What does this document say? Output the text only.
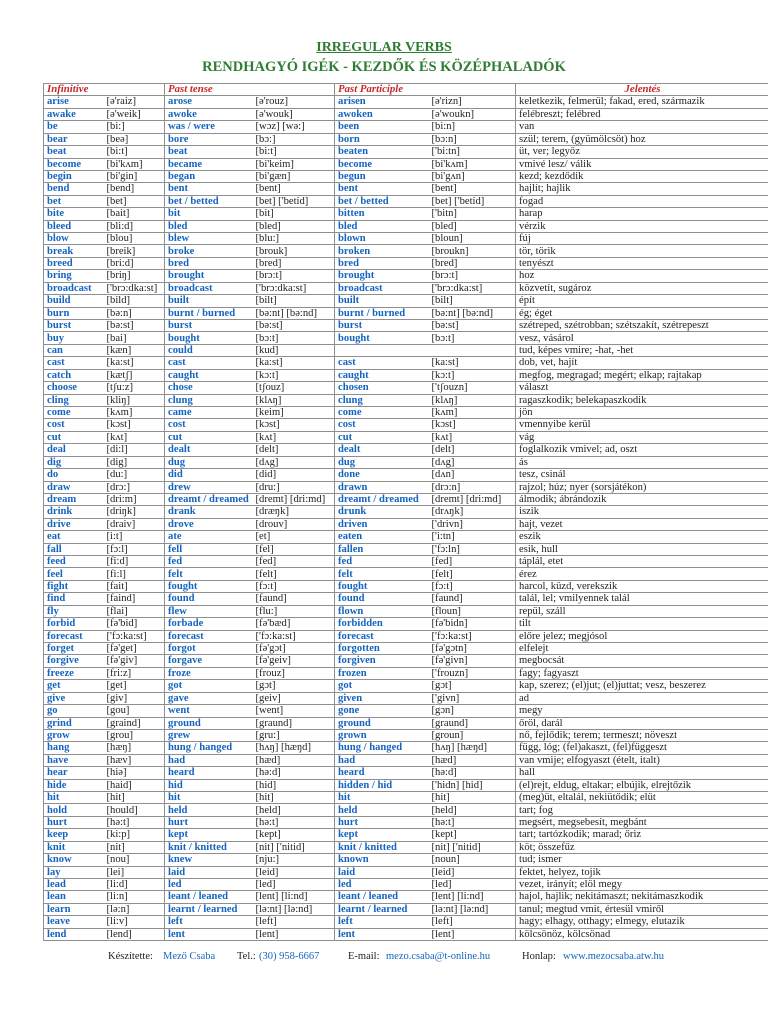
IRREGULAR VERBS
RENDHAGYÓ IGÉK - KEZDŐK ÉS KÖZÉPHALADÓK
Infinitive		Past tense		Past Participle		Jelentés
arise	[ə'raiz]	arose	[ə'rouz]	arisen	[ə'rizn]	keletkezik, felmerül; fakad, ered, származik
awake	[ə'weik]	awoke	[ə'wouk]	awoken	[ə'woukn]	felébreszt; felébred
be	[bi:]	was / were	[wɔz] [wə:]	been	[bi:n]	van
bear	[beə]	bore	[bɔ:]	born	[bɔ:n]	szül; terem, (gyümölcsöt) hoz
beat	[bi:t]	beat	[bi:t]	beaten	['bi:tn]	üt, ver; legyőz
become	[bi'kʌm]	became	[bi'keim]	become	[bi'kʌm]	vmivé lesz/ válik
begin	[bi'gin]	began	[bi'gæn]	begun	[bi'gʌn]	kezd; kezdődik
bend	[bend]	bent	[bent]	bent	[bent]	hajlít; hajlik
bet	[bet]	bet / betted	[bet] ['betid]	bet / betted	[bet] ['betid]	fogad
bite	[bait]	bit	[bit]	bitten	['bitn]	harap
bleed	[bli:d]	bled	[bled]	bled	[bled]	vérzik
blow	[blou]	blew	[blu:]	blown	[bloun]	fúj
break	[breik]	broke	[brouk]	broken	[broukn]	tör, törik
breed	[bri:d]	bred	[bred]	bred	[bred]	tenyészt
bring	[briŋ]	brought	[brɔ:t]	brought	[brɔ:t]	hoz
broadcast	['brɔ:dka:st]	broadcast	['brɔ:dka:st]	broadcast	['brɔ:dka:st]	közvetít, sugároz
build	[bild]	built	[bilt]	built	[bilt]	épít
burn	[bə:n]	burnt / burned	[bə:nt] [bə:nd]	burnt / burned	[bə:nt] [bə:nd]	ég; éget
burst	[bə:st]	burst	[bə:st]	burst	[bə:st]	szétreped, szétrobban; szétszakít, szétrepeszt
buy	[bai]	bought	[bɔ:t]	bought	[bɔ:t]	vesz, vásárol
can	[kæn]	could	[kud]			tud, képes vmire; -hat, -het
cast	[ka:st]	cast	[ka:st]	cast	[ka:st]	dob, vet, hajít
catch	[kætʃ]	caught	[kɔ:t]	caught	[kɔ:t]	megfog, megragad; megért; elkap; rajtakap
choose	[tʃu:z]	chose	[tʃouz]	chosen	['tʃouzn]	választ
cling	[kliŋ]	clung	[klʌŋ]	clung	[klʌŋ]	ragaszkodik; belekapaszkodik
come	[kʌm]	came	[keim]	come	[kʌm]	jön
cost	[kɔst]	cost	[kɔst]	cost	[kɔst]	vmennyibe kerül
cut	[kʌt]	cut	[kʌt]	cut	[kʌt]	vág
deal	[di:l]	dealt	[delt]	dealt	[delt]	foglalkozik vmivel; ad, oszt
dig	[dig]	dug	[dʌg]	dug	[dʌg]	ás
do	[du:]	did	[did]	done	[dʌn]	tesz, csinál
draw	[drɔ:]	drew	[dru:]	drawn	[drɔ:n]	rajzol; húz; nyer (sorsjátékon)
dream	[dri:m]	dreamt / dreamed	[dremt] [dri:md]	dreamt / dreamed	[dremt] [dri:md]	álmodik; ábrándozik
drink	[driŋk]	drank	[dræŋk]	drunk	[drʌŋk]	iszik
drive	[draiv]	drove	[drouv]	driven	['drivn]	hajt, vezet
eat	[i:t]	ate	[et]	eaten	['i:tn]	eszik
fall	[fɔ:l]	fell	[fel]	fallen	['fɔ:ln]	esik, hull
feed	[fi:d]	fed	[fed]	fed	[fed]	táplál, etet
feel	[fi:l]	felt	[felt]	felt	[felt]	érez
fight	[fait]	fought	[fɔ:t]	fought	[fɔ:t]	harcol, küzd, verekszik
find	[faind]	found	[faund]	found	[faund]	talál, lel; vmilyennek talál
fly	[flai]	flew	[flu:]	flown	[floun]	repül, száll
forbid	[fə'bid]	forbade	[fə'bæd]	forbidden	[fə'bidn]	tilt
forecast	['fɔ:ka:st]	forecast	['fɔ:ka:st]	forecast	['fɔ:ka:st]	előre jelez; megjósol
forget	[fə'get]	forgot	[fə'gɔt]	forgotten	[fə'gɔtn]	elfelejt
forgive	[fə'giv]	forgave	[fə'geiv]	forgiven	[fə'givn]	megbocsát
freeze	[fri:z]	froze	[frouz]	frozen	['frouzn]	fagy; fagyaszt
get	[get]	got	[gɔt]	got	[gɔt]	kap, szerez; (el)jut; (el)juttat; vesz, beszerez
give	[giv]	gave	[geiv]	given	['givn]	ad
go	[gou]	went	[went]	gone	[gɔn]	megy
grind	[graind]	ground	[graund]	ground	[graund]	őröl, darál
grow	[grou]	grew	[gru:]	grown	[groun]	nő, fejlődik; terem; termeszt; növeszt
hang	[hæŋ]	hung / hanged	[hʌŋ] [hæŋd]	hung / hanged	[hʌŋ] [hæŋd]	függ, lóg; (fel)akaszt, (fel)függeszt
have	[hæv]	had	[hæd]	had	[hæd]	van vmije; elfogyaszt (ételt, italt)
hear	[hiə]	heard	[hə:d]	heard	[hə:d]	hall
hide	[haid]	hid	[hid]	hidden / hid	['hidn] [hid]	(el)rejt, eldug, eltakar; elbújik, elrejtőzik
hit	[hit]	hit	[hit]	hit	[hit]	(meg)üt, eltalál, nekiütődik; elüt
hold	[hould]	held	[held]	held	[held]	tart; fog
hurt	[hə:t]	hurt	[hə:t]	hurt	[hə:t]	megsért, megsebesít, megbánt
keep	[ki:p]	kept	[kept]	kept	[kept]	tart; tartózkodik; marad; őriz
knit	[nit]	knit / knitted	[nit] ['nitid]	knit / knitted	[nit] ['nitid]	köt; összefűz
know	[nou]	knew	[nju:]	known	[noun]	tud; ismer
lay	[lei]	laid	[leid]	laid	[leid]	fektet, helyez, tojik
lead	[li:d]	led	[led]	led	[led]	vezet, irányít; elöl megy
lean	[li:n]	leant / leaned	[lent] [li:nd]	leant / leaned	[lent] [li:nd]	hajol, hajlik; nekitámaszt; nekitámaszkodik
learn	[lə:n]	learnt / learned	[lə:nt] [lə:nd]	learnt / learned	[lə:nt] [lə:nd]	tanul; megtud vmit, értesül vmiről
leave	[li:v]	left	[left]	left	[left]	hagy; elhagy, otthagy; elmegy, elutazik
lend	[lend]	lent	[lent]	lent	[lent]	kölcsönöz, kölcsönad
Készítette: Mező Csaba Tel.: (30) 958-6667	E-mail: mezo.csaba@t-online.hu	Honlap: www.mezocsaba.atw.hu
